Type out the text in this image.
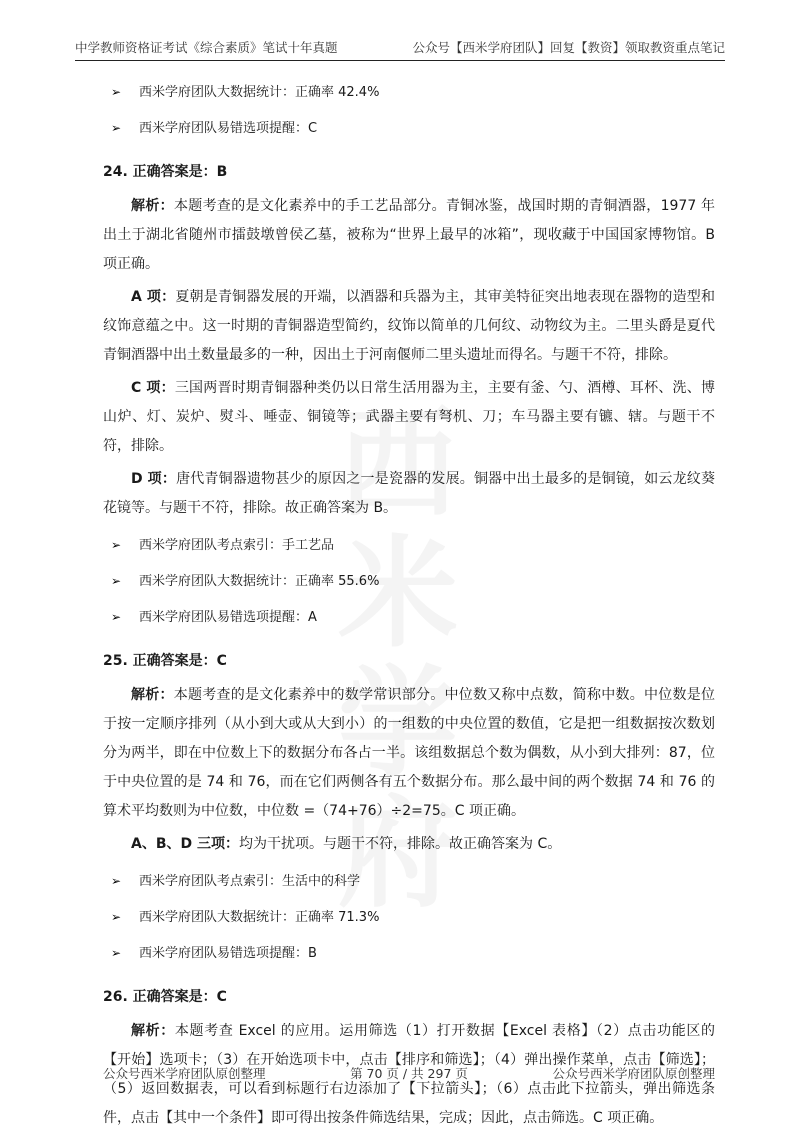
中学教师资格证考试《综合素质》笔试十年真题	公众号【西米学府团队】回复【教资】领取教资重点笔记
➢ 西米学府团队大数据统计：正确率 42.4%
➢ 西米学府团队易错选项提醒：C
24. 正确答案是：B

解析：本题考查的是文化素养中的手工艺品部分。青铜冰鉴，战国时期的青铜酒器，1977 年出土于湖北省随州市擂鼓墩曾侯乙墓，被称为“世界上最早的冰箱”，现收藏于中国国家博物馆。B 项正确。

A 项：夏朝是青铜器发展的开端，以酒器和兵器为主，其审美特征突出地表现在器物的造型和纹饰意蕴之中。这一时期的青铜器造型简约，纹饰以简单的几何纹、动物纹为主。二里头爵是夏代青铜酒器中出土数量最多的一种，因出土于河南偃师二里头遗址而得名。与题干不符，排除。

C 项：三国两晋时期青铜器种类仍以日常生活用器为主，主要有釜、勺、酒樽、耳杯、洗、博山炉、灯、炭炉、熨斗、唾壶、铜镜等；武器主要有弩机、刀；车马器主要有镳、辖。与题干不符，排除。

D 项：唐代青铜器遗物甚少的原因之一是瓷器的发展。铜器中出土最多的是铜镜，如云龙纹葵花镜等。与题干不符，排除。故正确答案为 B。

➢ 西米学府团队考点索引：手工艺品
➢ 西米学府团队大数据统计：正确率 55.6%
➢ 西米学府团队易错选项提醒：A
25. 正确答案是：C

解析：本题考查的是文化素养中的数学常识部分。中位数又称中点数，简称中数。中位数是位于按一定顺序排列（从小到大或从大到小）的一组数的中央位置的数值，它是把一组数据按次数划分为两半，即在中位数上下的数据分布各占一半。该组数据总个数为偶数，从小到大排列：87，位于中央位置的是 74 和 76，而在它们两侧各有五个数据分布。那么最中间的两个数据 74 和 76 的算术平均数则为中位数，中位数 =（74+76）÷2=75。C 项正确。

A、B、D 三项：均为干扰项。与题干不符，排除。故正确答案为 C。

➢ 西米学府团队考点索引：生活中的科学
➢ 西米学府团队大数据统计：正确率 71.3%
➢ 西米学府团队易错选项提醒：B
26. 正确答案是：C

解析：本题考查 Excel 的应用。运用筛选（1）打开数据【Excel 表格】（2）点击功能区的【开始】选项卡；（3）在开始选项卡中，点击【排序和筛选】；（4）弹出操作菜单，点击【筛选】；（5）返回数据表，可以看到标题行右边添加了【下拉箭头】；（6）点击此下拉箭头，弹出筛选条件，点击【其中一个条件】即可得出按条件筛选结果，完成；因此，点击筛选。C 项正确。

公众号西米学府团队原创整理	第 70 页 / 共 297 页	公众号西米学府团队原创整理
